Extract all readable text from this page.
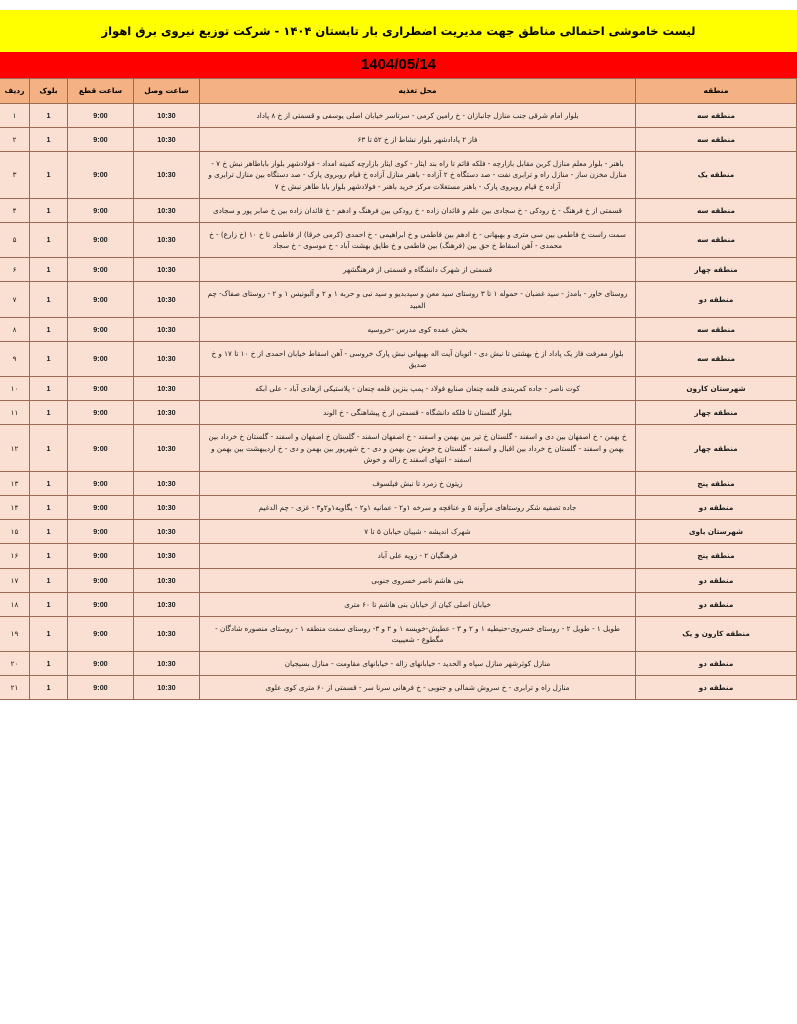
لیست خاموشی احتمالی مناطق جهت مدیریت اضطراری بار تابستان ۱۴۰۴ - شرکت توزیع نیروی برق اهواز
1404/05/14
منطقه	محل تغذیه	ساعت وصل	ساعت قطع	بلوک	ردیف
منطقه سه	بلوار امام شرقی جنب منازل جانبازان - خ رامین کرمی - سرتاسر خیابان اصلی یوسفی و قسمتی از خ ۸ پاداد	10:30	9:00	1	۱
منطقه سه	فاز ۲ پادادشهر بلوار نشاط از خ ۵۲ تا ۶۳	10:30	9:00	1	۲
منطقه یک	باهنر - بلوار معلم منازل کربن مقابل بازارچه - فلکه قائم تا راه بند ایثار - کوی ایثار بازارچه کمیته امداد - فولادشهر بلوار باباطاهر نبش خ ۷ - منازل مخزن ساز - منازل راه و ترابری نفت - صد دستگاه خ ۲ آزاده - باهنر منازل آزاده خ قیام روبروی پارک - صد دستگاه بین منازل ترابری و آزاده خ قیام روبروی پارک - باهنر مستغلات مرکز خرید باهنر - فولادشهر بلوار بابا طاهر نبش خ ۷	10:30	9:00	1	۳
منطقه سه	قسمتی از خ فرهنگ - خ رودکی - خ سجادی بین علم و قائدان زاده - خ رودکی بین فرهنگ و ادهم - خ قائدان زاده بین خ صابر پور و سجادی	10:30	9:00	1	۴
منطقه سه	سمت راست خ فاطمی بین سی متری و بهبهانی - خ ادهم بین فاطمی و خ ابراهیمی - خ احمدی (کرمی خرقا) از فاطمی تا خ ۱۰ (خ زارع) - خ محمدی - آهن اسقاط خ حق بین (فرهنگ) بین فاطمی و خ طایق بهشت آباد - خ موسوی - خ سجاد	10:30	9:00	1	۵
منطقه چهار	قسمتی از شهرک دانشگاه و قسمتی از فرهنگشهر	10:30	9:00	1	۶
منطقه دو	روستای خاور - بامدژ - سید غضبان - حموله ۱ تا ۳ روستای سید معن و سیدبدیو و سید نبی و حربه ۱ و ۲ و آلبونیس ۱ و ۲ - روستای صفاک- چم العبید	10:30	9:00	1	۷
منطقه سه	بخش عمده کوی مدرس -خروسیه	10:30	9:00	1	۸
منطقه سه	بلوار معرفت فاز یک پاداد از خ بهشتی تا نبش دی - اتوبان آیت اله بهبهانی نبش پارک خروسی - آهن اسقاط خیابان احمدی از خ ۱۰ تا ۱۷ و خ صدیق	10:30	9:00	1	۹
شهرستان کارون	کوت ناصر - جاده کمربندی قلعه چنعان صنایع فولاد - پمپ بنزین قلعه چنعان - پلاستیکی ازهادی آباد - علی ابکه	10:30	9:00	1	۱۰
منطقه چهار	بلوار گلستان تا فلکه دانشگاه - قسمتی از خ پیشاهنگی - خ الوند	10:30	9:00	1	۱۱
منطقه چهار	خ بهمن - خ اصفهان بین دی و اسفند - گلستان خ تیر بین بهمن و اسفند - خ اصفهان اسفند - گلستان خ اصفهان و اسفند - گلستان خ خرداد بین بهمن و اسفند - گلستان خ خرداد بین اقبال و اسفند - گلستان خ خوش بین بهمن و دی - خ شهریور بین بهمن و دی - خ اردیبهشت بین بهمن و اسفند - انتهای اسفند خ زاله و خوش	10:30	9:00	1	۱۲
منطقه پنج	زیتون خ زمرد تا نبش فیلسوف	10:30	9:00	1	۱۳
منطقه دو	جاده تصفیه شکر روستاهای مرآونه ۵ و عنافچه و سرخه ۱و۲ - عمانیه ۱و۲ - یگاویه۱و۲و۳ - غزی - چم الدغیم	10:30	9:00	1	۱۴
شهرستان باوی	شهرک اندیشه - شیبان خیابان ۵ تا ۷	10:30	9:00	1	۱۵
منطقه پنج	فرهنگیان ۲ - زویه علی آباد	10:30	9:00	1	۱۶
منطقه دو	بنی هاشم ناصر خسروی جنوبی	10:30	9:00	1	۱۷
منطقه دو	خیابان اصلی کیان از خیابان بنی هاشم تا ۶۰ متری	10:30	9:00	1	۱۸
منطقه کارون و یک	طویل ۱ - طویل ۲ - روستای خسروی-حنیطیه ۱ و ۲ و ۳ - عطیش-خویسه ۱ و ۲ و ۳- روستای سمت منطقه ۱ - روستای منصوره شادگان - مگطوع - شعیبیت	10:30	9:00	1	۱۹
منطقه دو	منازل کوثرشهر منازل سپاه و الحدید - خیابانهای زاله - خیابانهای مقاومت - منازل بسیجیان	10:30	9:00	1	۲۰
منطقه دو	منازل راه و ترابری - خ سروش شمالی و جنوبی - خ فرهانی سرنا سر - قسمتی از ۶۰ متری کوی علوی	10:30	9:00	1	۲۱
